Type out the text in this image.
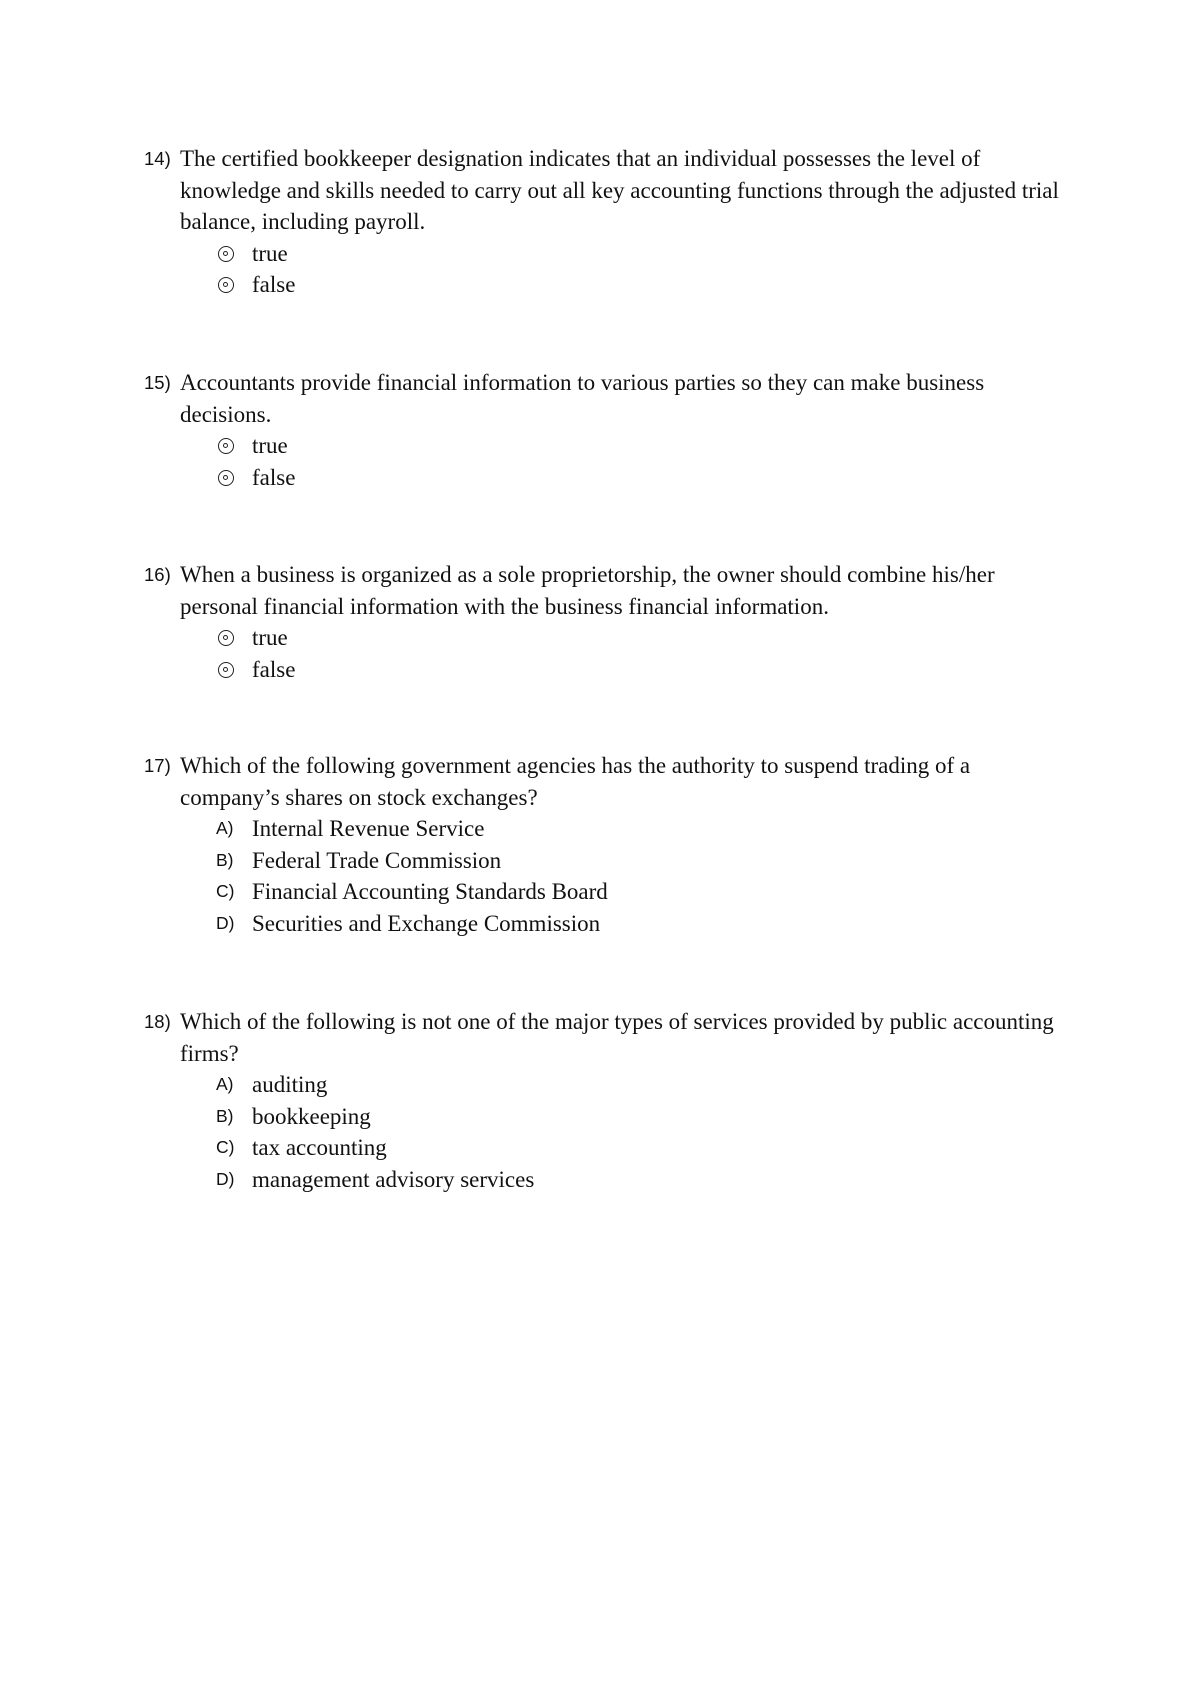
14) The certified bookkeeper designation indicates that an individual possesses the level of knowledge and skills needed to carry out all key accounting functions through the adjusted trial balance, including payroll.
true
false
15) Accountants provide financial information to various parties so they can make business decisions.
true
false
16) When a business is organized as a sole proprietorship, the owner should combine his/her personal financial information with the business financial information.
true
false
17) Which of the following government agencies has the authority to suspend trading of a company’s shares on stock exchanges?
A) Internal Revenue Service
B) Federal Trade Commission
C) Financial Accounting Standards Board
D) Securities and Exchange Commission
18) Which of the following is not one of the major types of services provided by public accounting firms?
A) auditing
B) bookkeeping
C) tax accounting
D) management advisory services
